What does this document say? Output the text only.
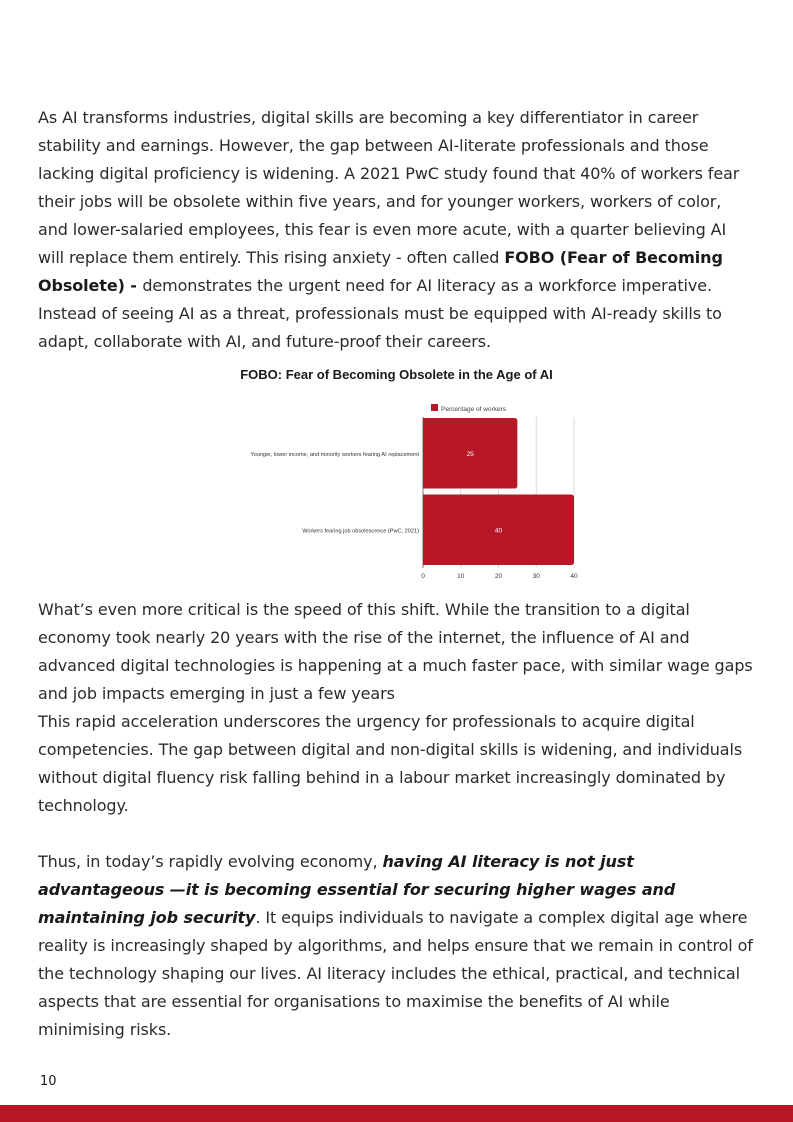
As AI transforms industries, digital skills are becoming a key differentiator in career stability and earnings. However, the gap between AI-literate professionals and those lacking digital proficiency is widening. A 2021 PwC study found that 40% of workers fear their jobs will be obsolete within five years, and for younger workers, workers of color, and lower-salaried employees, this fear is even more acute, with a quarter believing AI will replace them entirely. This rising anxiety - often called FOBO (Fear of Becoming Obsolete) - demonstrates the urgent need for AI literacy as a workforce imperative. Instead of seeing AI as a threat, professionals must be equipped with AI-ready skills to adapt, collaborate with AI, and future-proof their careers.

FOBO: Fear of Becoming Obsolete in the Age of AI
Percentage of workers
0	10	20	30	40
25
Younger, lower income, and minority workers fearing AI replacement
40
Workers fearing job obsolescence (PwC, 2021)

What’s even more critical is the speed of this shift. While the transition to a digital economy took nearly 20 years with the rise of the internet, the influence of AI and advanced digital technologies is happening at a much faster pace, with similar wage gaps and job impacts emerging in just a few years

This rapid acceleration underscores the urgency for professionals to acquire digital competencies. The gap between digital and non-digital skills is widening, and individuals without digital fluency risk falling behind in a labour market increasingly dominated by technology.

Thus, in today’s rapidly evolving economy, having AI literacy is not just advantageous —it is becoming essential for securing higher wages and maintaining job security. It equips individuals to navigate a complex digital age where reality is increasingly shaped by algorithms, and helps ensure that we remain in control of the technology shaping our lives. AI literacy includes the ethical, practical, and technical aspects that are essential for organisations to maximise the benefits of AI while minimising risks.

10
